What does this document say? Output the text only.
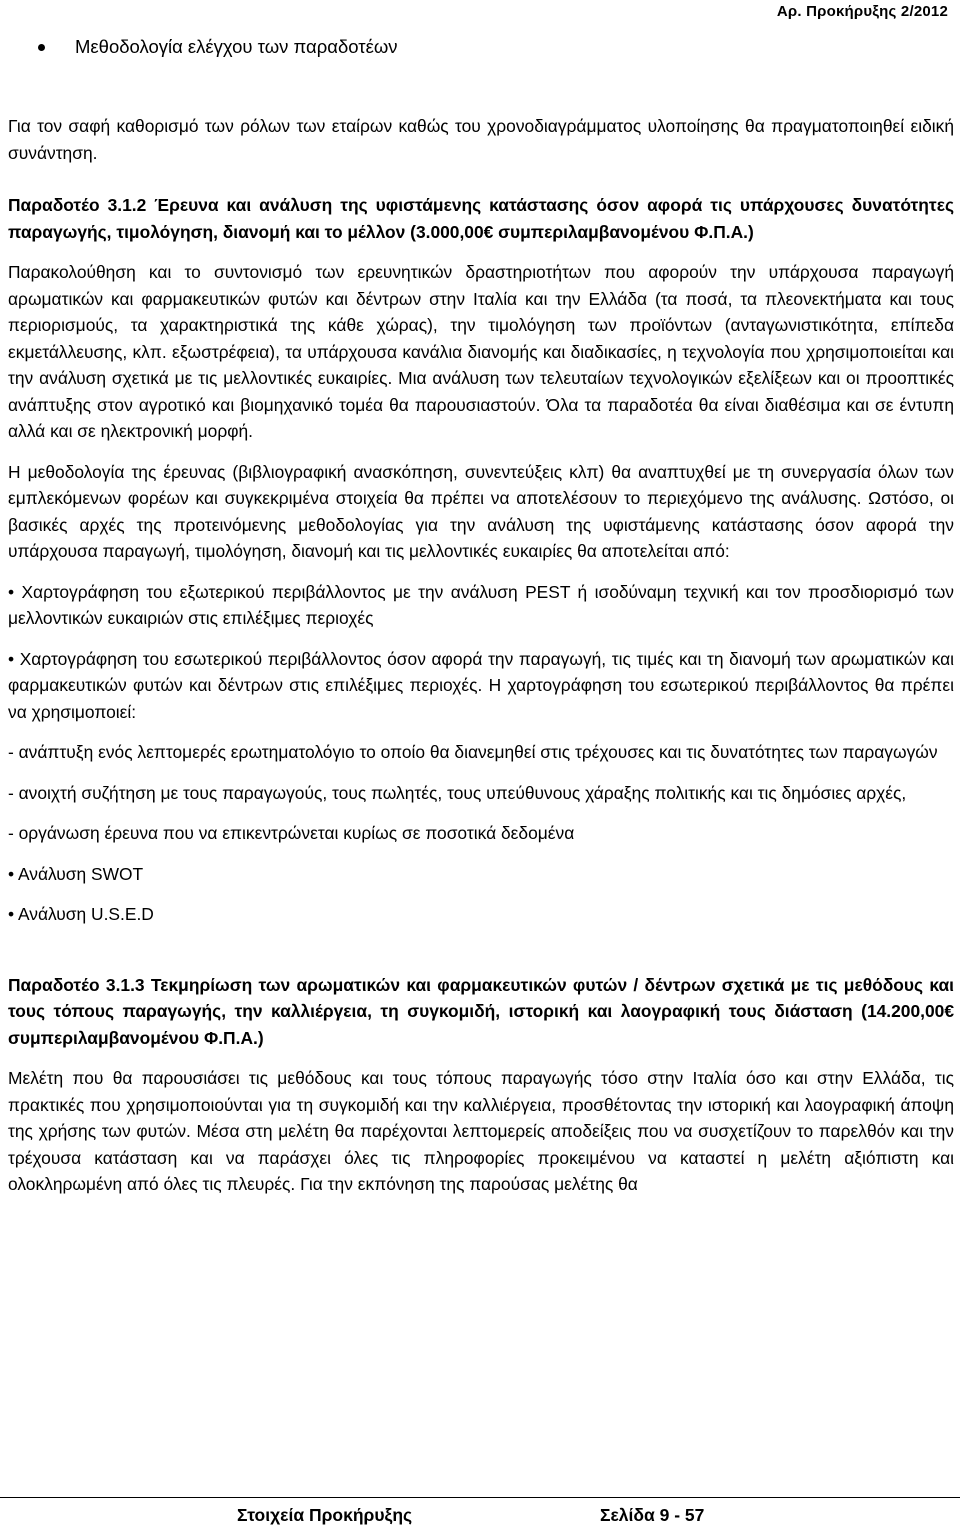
Αρ. Προκήρυξης 2/2012
Μεθοδολογία ελέγχου των παραδοτέων

Για τον σαφή καθορισμό των ρόλων των εταίρων καθώς του χρονοδιαγράμματος υλοποίησης θα πραγματοποιηθεί ειδική συνάντηση.

Παραδοτέο 3.1.2 Έρευνα και ανάλυση της υφιστάμενης κατάστασης όσον αφορά τις υπάρχουσες δυνατότητες παραγωγής, τιμολόγηση, διανομή και το μέλλον (3.000,00€ συμπεριλαμβανομένου Φ.Π.Α.)

Παρακολούθηση και το συντονισμό των ερευνητικών δραστηριοτήτων που αφορούν την υπάρχουσα παραγωγή αρωματικών και φαρμακευτικών φυτών και δέντρων στην Ιταλία και την Ελλάδα (τα ποσά, τα πλεονεκτήματα και τους περιορισμούς, τα χαρακτηριστικά της κάθε χώρας), την τιμολόγηση των προϊόντων (ανταγωνιστικότητα, επίπεδα εκμετάλλευσης, κλπ. εξωστρέφεια), τα υπάρχουσα κανάλια διανομής και διαδικασίες, η τεχνολογία που χρησιμοποιείται και την ανάλυση σχετικά με τις μελλοντικές ευκαιρίες. Μια ανάλυση των τελευταίων τεχνολογικών εξελίξεων και οι προοπτικές ανάπτυξης στον αγροτικό και βιομηχανικό τομέα θα παρουσιαστούν. Όλα τα παραδοτέα θα είναι διαθέσιμα και σε έντυπη αλλά και σε ηλεκτρονική μορφή.

Η μεθοδολογία της έρευνας (βιβλιογραφική ανασκόπηση, συνεντεύξεις κλπ) θα αναπτυχθεί με τη συνεργασία όλων των εμπλεκόμενων φορέων και συγκεκριμένα στοιχεία θα πρέπει να αποτελέσουν το περιεχόμενο της ανάλυσης. Ωστόσο, οι βασικές αρχές της προτεινόμενης μεθοδολογίας για την ανάλυση της υφιστάμενης κατάστασης όσον αφορά την υπάρχουσα παραγωγή, τιμολόγηση, διανομή και τις μελλοντικές ευκαιρίες θα αποτελείται από:

• Χαρτογράφηση του εξωτερικού περιβάλλοντος με την ανάλυση PEST ή ισοδύναμη τεχνική και τον προσδιορισμό των μελλοντικών ευκαιριών στις επιλέξιμες περιοχές

• Χαρτογράφηση του εσωτερικού περιβάλλοντος όσον αφορά την παραγωγή, τις τιμές και τη διανομή των αρωματικών και φαρμακευτικών φυτών και δέντρων στις επιλέξιμες περιοχές. Η χαρτογράφηση του εσωτερικού περιβάλλοντος θα πρέπει να χρησιμοποιεί:

- ανάπτυξη ενός λεπτομερές ερωτηματολόγιο το οποίο θα διανεμηθεί στις τρέχουσες και τις δυνατότητες των παραγωγών

- ανοιχτή συζήτηση με τους παραγωγούς, τους πωλητές, τους υπεύθυνους χάραξης πολιτικής και τις δημόσιες αρχές,

- οργάνωση έρευνα που να επικεντρώνεται κυρίως σε ποσοτικά δεδομένα

• Ανάλυση SWOT

• Ανάλυση U.S.E.D

Παραδοτέο 3.1.3 Τεκμηρίωση των αρωματικών και φαρμακευτικών φυτών / δέντρων σχετικά με τις μεθόδους και τους τόπους παραγωγής, την καλλιέργεια, τη συγκομιδή, ιστορική και λαογραφική τους διάσταση (14.200,00€ συμπεριλαμβανομένου Φ.Π.Α.)

Μελέτη που θα παρουσιάσει τις μεθόδους και τους τόπους παραγωγής τόσο στην Ιταλία όσο και στην Ελλάδα, τις πρακτικές που χρησιμοποιούνται για τη συγκομιδή και την καλλιέργεια, προσθέτοντας την ιστορική και λαογραφική άποψη της χρήσης των φυτών. Μέσα στη μελέτη θα παρέχονται λεπτομερείς αποδείξεις που να συσχετίζουν το παρελθόν και την τρέχουσα κατάσταση και να παράσχει όλες τις πληροφορίες προκειμένου να καταστεί η μελέτη αξιόπιστη και ολοκληρωμένη από όλες τις πλευρές. Για την εκπόνηση της παρούσας μελέτης θα

Στοιχεία Προκήρυξης	Σελίδα 9 - 57
